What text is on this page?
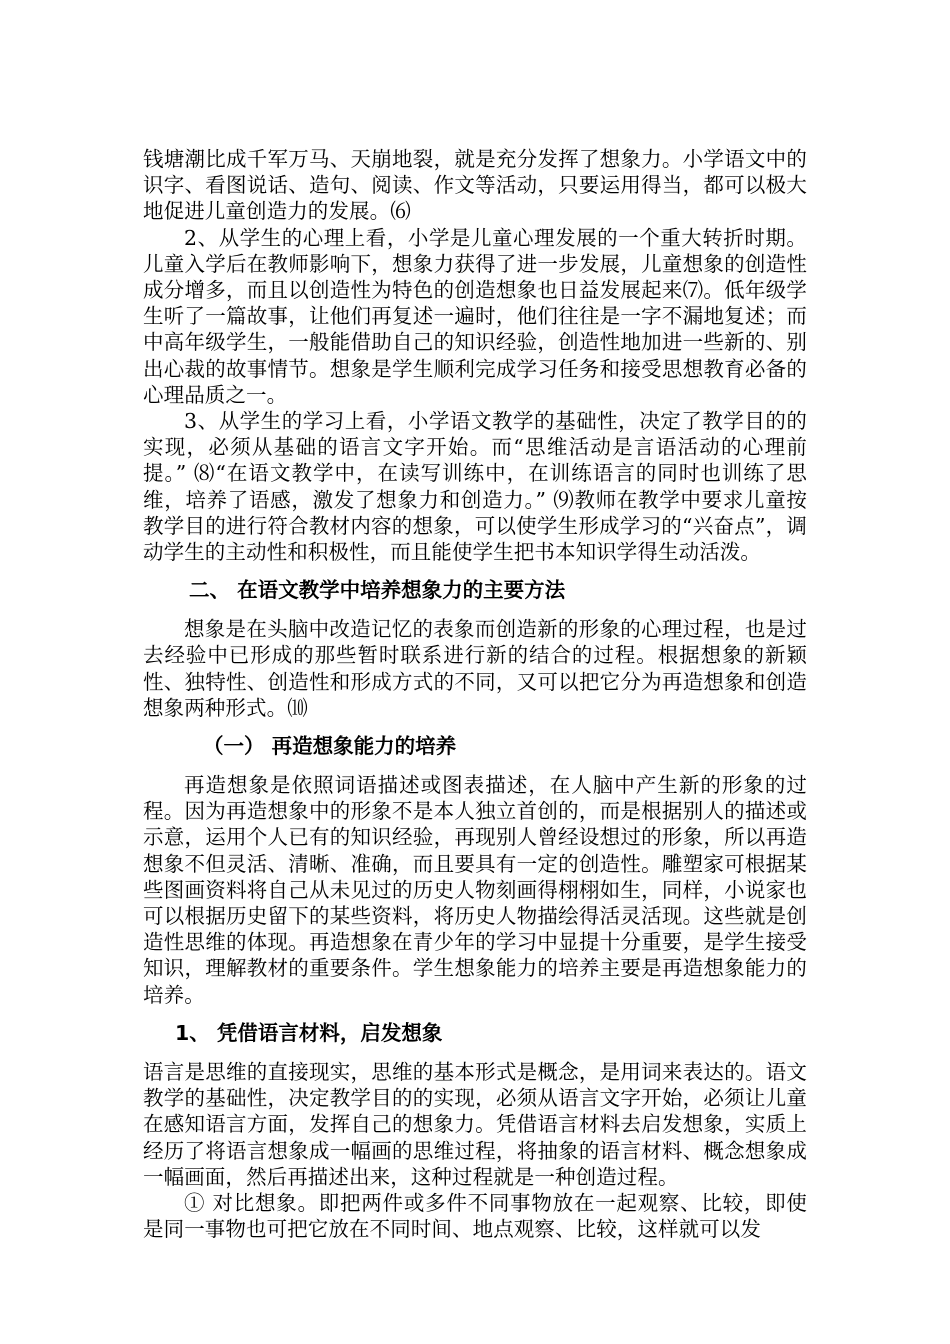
钱塘潮比成千军万马、天崩地裂，就是充分发挥了想象力。小学语文中的识字、看图说话、造句、阅读、作文等活动，只要运用得当，都可以极大地促进儿童创造力的发展。⑹

2、从学生的心理上看，小学是儿童心理发展的一个重大转折时期。儿童入学后在教师影响下，想象力获得了进一步发展，儿童想象的创造性成分增多，而且以创造性为特色的创造想象也日益发展起来⑺。低年级学生听了一篇故事，让他们再复述一遍时，他们往往是一字不漏地复述；而中高年级学生，一般能借助自己的知识经验，创造性地加进一些新的、别出心裁的故事情节。想象是学生顺利完成学习任务和接受思想教育必备的心理品质之一。

3、从学生的学习上看，小学语文教学的基础性，决定了教学目的的实现，必须从基础的语言文字开始。而“思维活动是言语活动的心理前提。” ⑻“在语文教学中，在读写训练中，在训练语言的同时也训练了思维，培养了语感，激发了想象力和创造力。” ⑼教师在教学中要求儿童按教学目的进行符合教材内容的想象，可以使学生形成学习的“兴奋点”，调动学生的主动性和积极性，而且能使学生把书本知识学得生动活泼。

二、 在语文教学中培养想象力的主要方法

想象是在头脑中改造记忆的表象而创造新的形象的心理过程，也是过去经验中已形成的那些暂时联系进行新的结合的过程。根据想象的新颖性、独特性、创造性和形成方式的不同，又可以把它分为再造想象和创造想象两种形式。⑽

（一） 再造想象能力的培养

再造想象是依照词语描述或图表描述，在人脑中产生新的形象的过程。因为再造想象中的形象不是本人独立首创的，而是根据别人的描述或示意，运用个人已有的知识经验，再现别人曾经设想过的形象，所以再造想象不但灵活、清晰、准确，而且要具有一定的创造性。雕塑家可根据某些图画资料将自己从未见过的历史人物刻画得栩栩如生，同样，小说家也可以根据历史留下的某些资料，将历史人物描绘得活灵活现。这些就是创造性思维的体现。再造想象在青少年的学习中显提十分重要，是学生接受知识，理解教材的重要条件。学生想象能力的培养主要是再造想象能力的培养。

1、 凭借语言材料，启发想象

语言是思维的直接现实，思维的基本形式是概念，是用词来表达的。语文教学的基础性，决定教学目的的实现，必须从语言文字开始，必须让儿童在感知语言方面，发挥自己的想象力。凭借语言材料去启发想象，实质上经历了将语言想象成一幅画的思维过程，将抽象的语言材料、概念想象成一幅画面，然后再描述出来，这种过程就是一种创造过程。

① 对比想象。即把两件或多件不同事物放在一起观察、比较，即使是同一事物也可把它放在不同时间、地点观察、比较，这样就可以发
